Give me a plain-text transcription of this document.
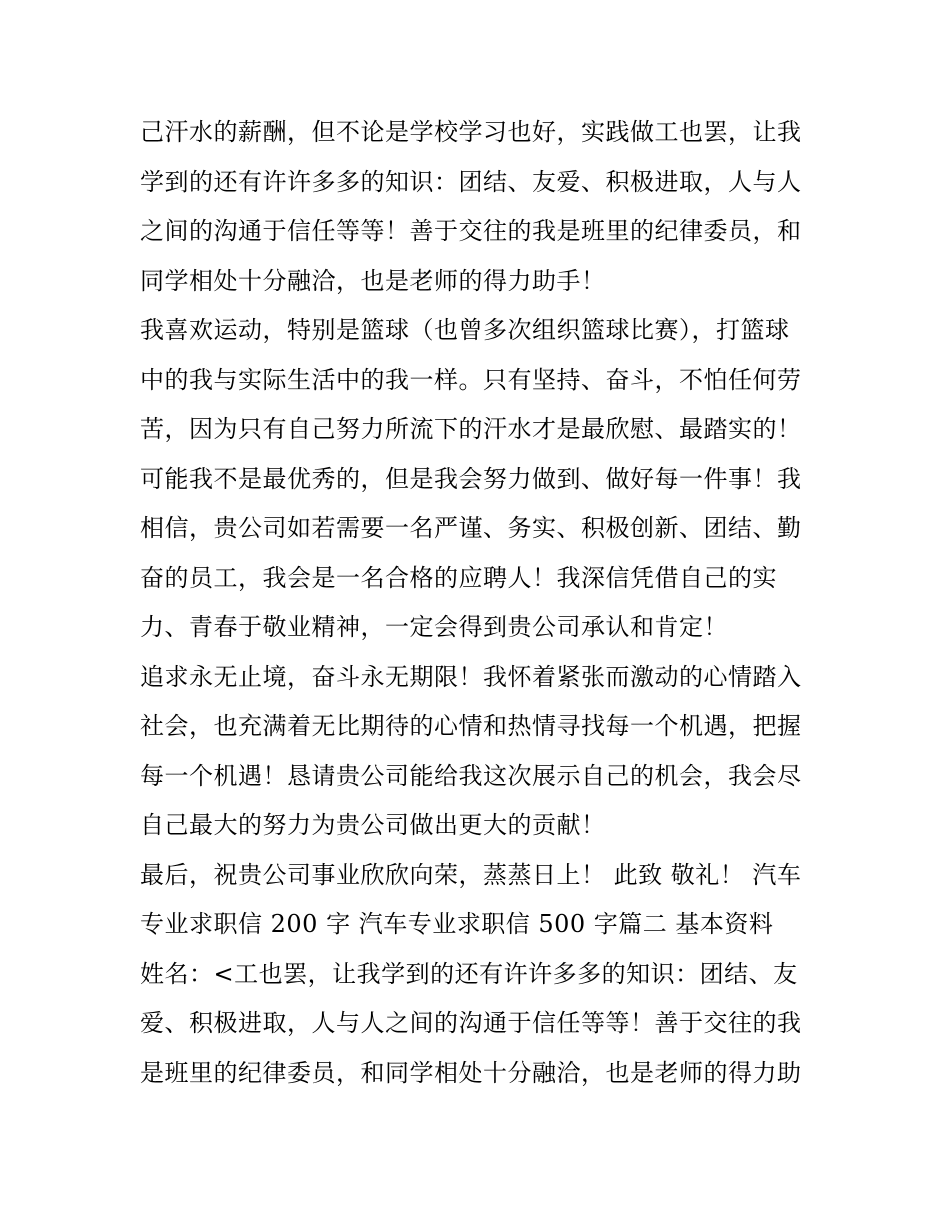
己汗水的薪酬，但不论是学校学习也好，实践做工也罢，让我
学到的还有许许多多的知识：团结、友爱、积极进取，人与人
之间的沟通于信任等等！善于交往的我是班里的纪律委员，和
同学相处十分融洽，也是老师的得力助手！
我喜欢运动，特别是篮球（也曾多次组织篮球比赛），打篮球
中的我与实际生活中的我一样。只有坚持、奋斗，不怕任何劳
苦，因为只有自己努力所流下的汗水才是最欣慰、最踏实的！
可能我不是最优秀的，但是我会努力做到、做好每一件事！我
相信，贵公司如若需要一名严谨、务实、积极创新、团结、勤
奋的员工，我会是一名合格的应聘人！我深信凭借自己的实
力、青春于敬业精神，一定会得到贵公司承认和肯定！
追求永无止境，奋斗永无期限！我怀着紧张而激动的心情踏入
社会，也充满着无比期待的心情和热情寻找每一个机遇，把握
每一个机遇！恳请贵公司能给我这次展示自己的机会，我会尽
自己最大的努力为贵公司做出更大的贡献！
最后，祝贵公司事业欣欣向荣，蒸蒸日上！ 此致 敬礼！ 汽车
专业求职信 200 字 汽车专业求职信 500 字篇二 基本资料
姓名：<工也罢，让我学到的还有许许多多的知识：团结、友
爱、积极进取，人与人之间的沟通于信任等等！善于交往的我
是班里的纪律委员，和同学相处十分融洽，也是老师的得力助
